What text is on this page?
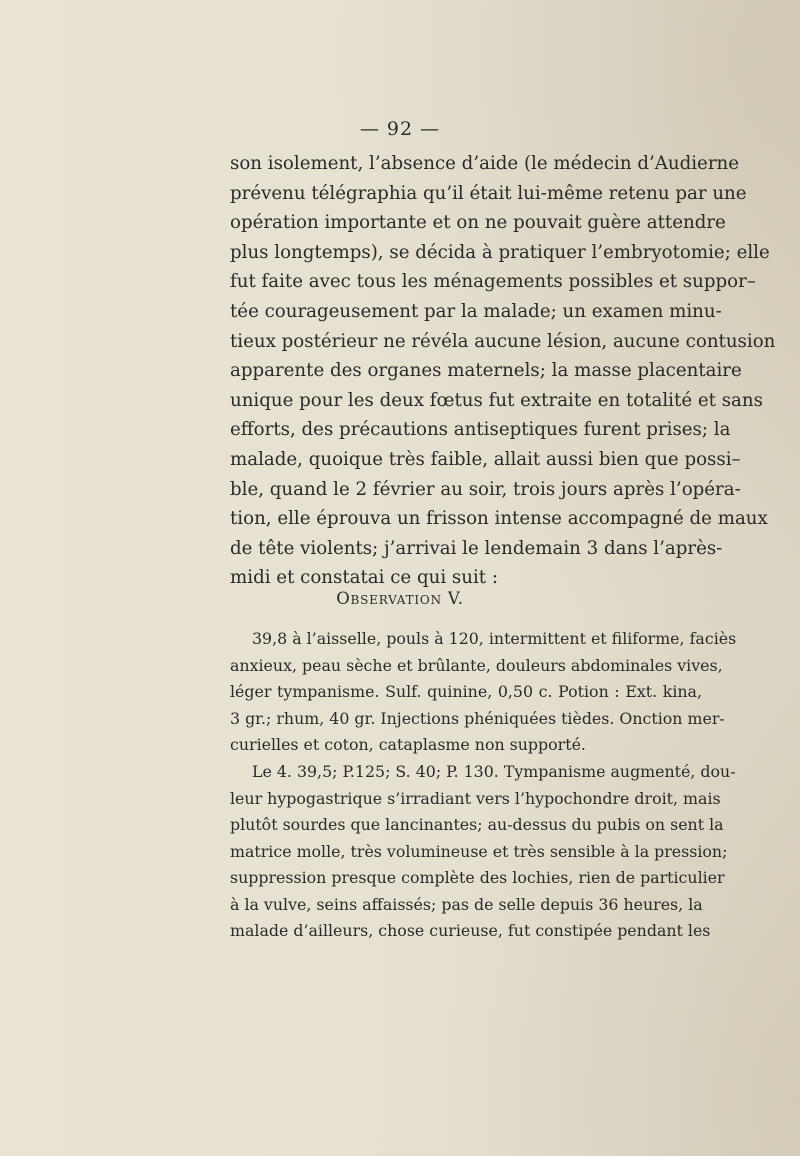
— 92 —
son isolement, l’absence d’aide (le médecin d’Audierne
prévenu télégraphia qu’il était lui-même retenu par une
opération importante et on ne pouvait guère attendre
plus longtemps), se décida à pratiquer l’embryotomie; elle
fut faite avec tous les ménagements possibles et suppor–
tée courageusement par la malade; un examen minu-
tieux postérieur ne révéla aucune lésion, aucune contusion
apparente des organes maternels; la masse placentaire
unique pour les deux fœtus fut extraite en totalité et sans
efforts, des précautions antiseptiques furent prises; la
malade, quoique très faible, allait aussi bien que possi–
ble, quand le 2 février au soir, trois jours après l’opéra-
tion, elle éprouva un frisson intense accompagné de maux
de tête violents; j’arrivai le lendemain 3 dans l’après-
midi et constatai ce qui suit :
Observation V.
39,8 à l’aisselle, pouls à 120, intermittent et filiforme, faciès
anxieux, peau sèche et brûlante, douleurs abdominales vives,
léger tympanisme. Sulf. quinine, 0,50 c. Potion : Ext. kina,
3 gr.; rhum, 40 gr. Injections phéniquées tièdes. Onction mer-
curielles et coton, cataplasme non supporté.
Le 4. 39,5; P.125; S. 40; P. 130. Tympanisme augmenté, dou-
leur hypogastrique s’irradiant vers l’hypochondre droit, mais
plutôt sourdes que lancinantes; au-dessus du pubis on sent la
matrice molle, très volumineuse et très sensible à la pression;
suppression presque complète des lochies, rien de particulier
à la vulve, seins affaissés; pas de selle depuis 36 heures, la
malade d’ailleurs, chose curieuse, fut constipée pendant les
